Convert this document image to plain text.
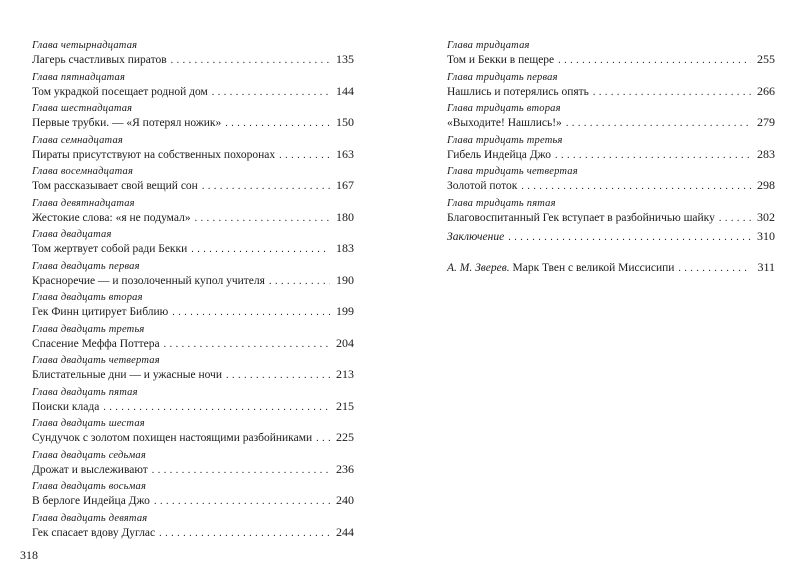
Глава четырнадцатая
Лагерь счастливых пиратов . . .	135
Глава пятнадцатая
Том украдкой посещает родной дом . . .	144
Глава шестнадцатая
Первые трубки. — «Я потерял ножик» . . .	150
Глава семнадцатая
Пираты присутствуют на собственных похоронах . . .	163
Глава восемнадцатая
Том рассказывает свой вещий сон . . .	167
Глава девятнадцатая
Жестокие слова: «я не подумал» . . .	180
Глава двадцатая
Том жертвует собой ради Бекки . . .	183
Глава двадцать первая
Красноречие — и позолоченный купол учителя . . .	190
Глава двадцать вторая
Гек Финн цитирует Библию . . .	199
Глава двадцать третья
Спасение Меффа Поттера . . .	204
Глава двадцать четвертая
Блистательные дни — и ужасные ночи . . .	213
Глава двадцать пятая
Поиски клада . . .	215
Глава двадцать шестая
Сундучок с золотом похищен настоящими разбойниками . . . 225
Глава двадцать седьмая
Дрожат и выслеживают . . .	236
Глава двадцать восьмая
В берлоге Индейца Джо . . .	240
Глава двадцать девятая
Гек спасает вдову Дуглас . . .	244
Глава тридцатая
Том и Бекки в пещере . . .	255
Глава тридцать первая
Нашлись и потерялись опять . . .	266
Глава тридцать вторая
«Выходите! Нашлись!» . . .	279
Глава тридцать третья
Гибель Индейца Джо . . .	283
Глава тридцать четвертая
Золотой поток . . .	298
Глава тридцать пятая
Благовоспитанный Гек вступает в разбойничью шайку . . .	302
Заключение . . .	310
А. М. Зверев. Марк Твен с великой Миссисипи . . .	311
318
